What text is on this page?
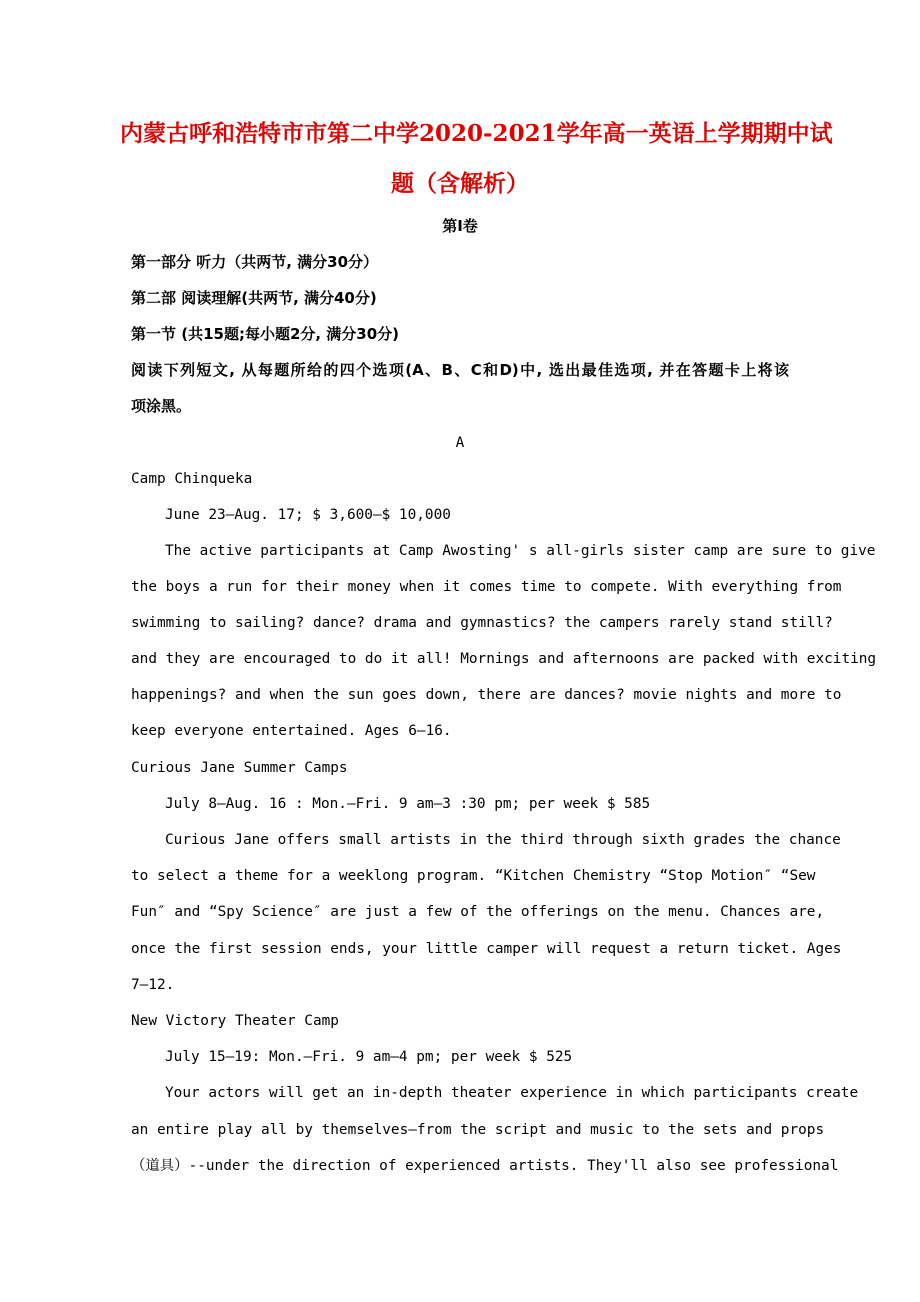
内蒙古呼和浩特市市第二中学2020-2021学年高一英语上学期期中试
题（含解析）
第Ⅰ卷
第一部分 听力（共两节, 满分30分）
第二部 阅读理解(共两节, 满分40分)
第一节 (共15题;每小题2分, 满分30分)
阅读下列短文, 从每题所给的四个选项(A、B、C和D)中, 选出最佳选项, 并在答题卡上将该
项涂黑。
A
Camp Chinqueka
June 23—Aug. 17; $ 3,600—$ 10,000
The active participants at Camp Awosting' s all-girls sister camp are sure to give
the boys a run for their money when it comes time to compete. With everything from
swimming to sailing? dance? drama and gymnastics? the campers rarely stand still?
and they are encouraged to do it all! Mornings and afternoons are packed with exciting
happenings? and when the sun goes down, there are dances? movie nights and more to
keep everyone entertained. Ages 6—16.
Curious Jane Summer Camps
July 8—Aug. 16 : Mon.—Fri. 9 am—3 :30 pm; per week $ 585
Curious Jane offers small artists in the third through sixth grades the chance
to select a theme for a weeklong program. “Kitchen Chemistry “Stop Motion″ “Sew
Fun″ and “Spy Science″ are just a few of the offerings on the menu. Chances are,
once the first session ends, your little camper will request a return ticket. Ages
7—12.
New Victory Theater Camp
July 15—19: Mon.—Fri. 9 am—4 pm; per week $ 525
Your actors will get an in-depth theater experience in which participants create
an entire play all by themselves—from the script and music to the sets and props
（道具）--under the direction of experienced artists. They'll also see professional
